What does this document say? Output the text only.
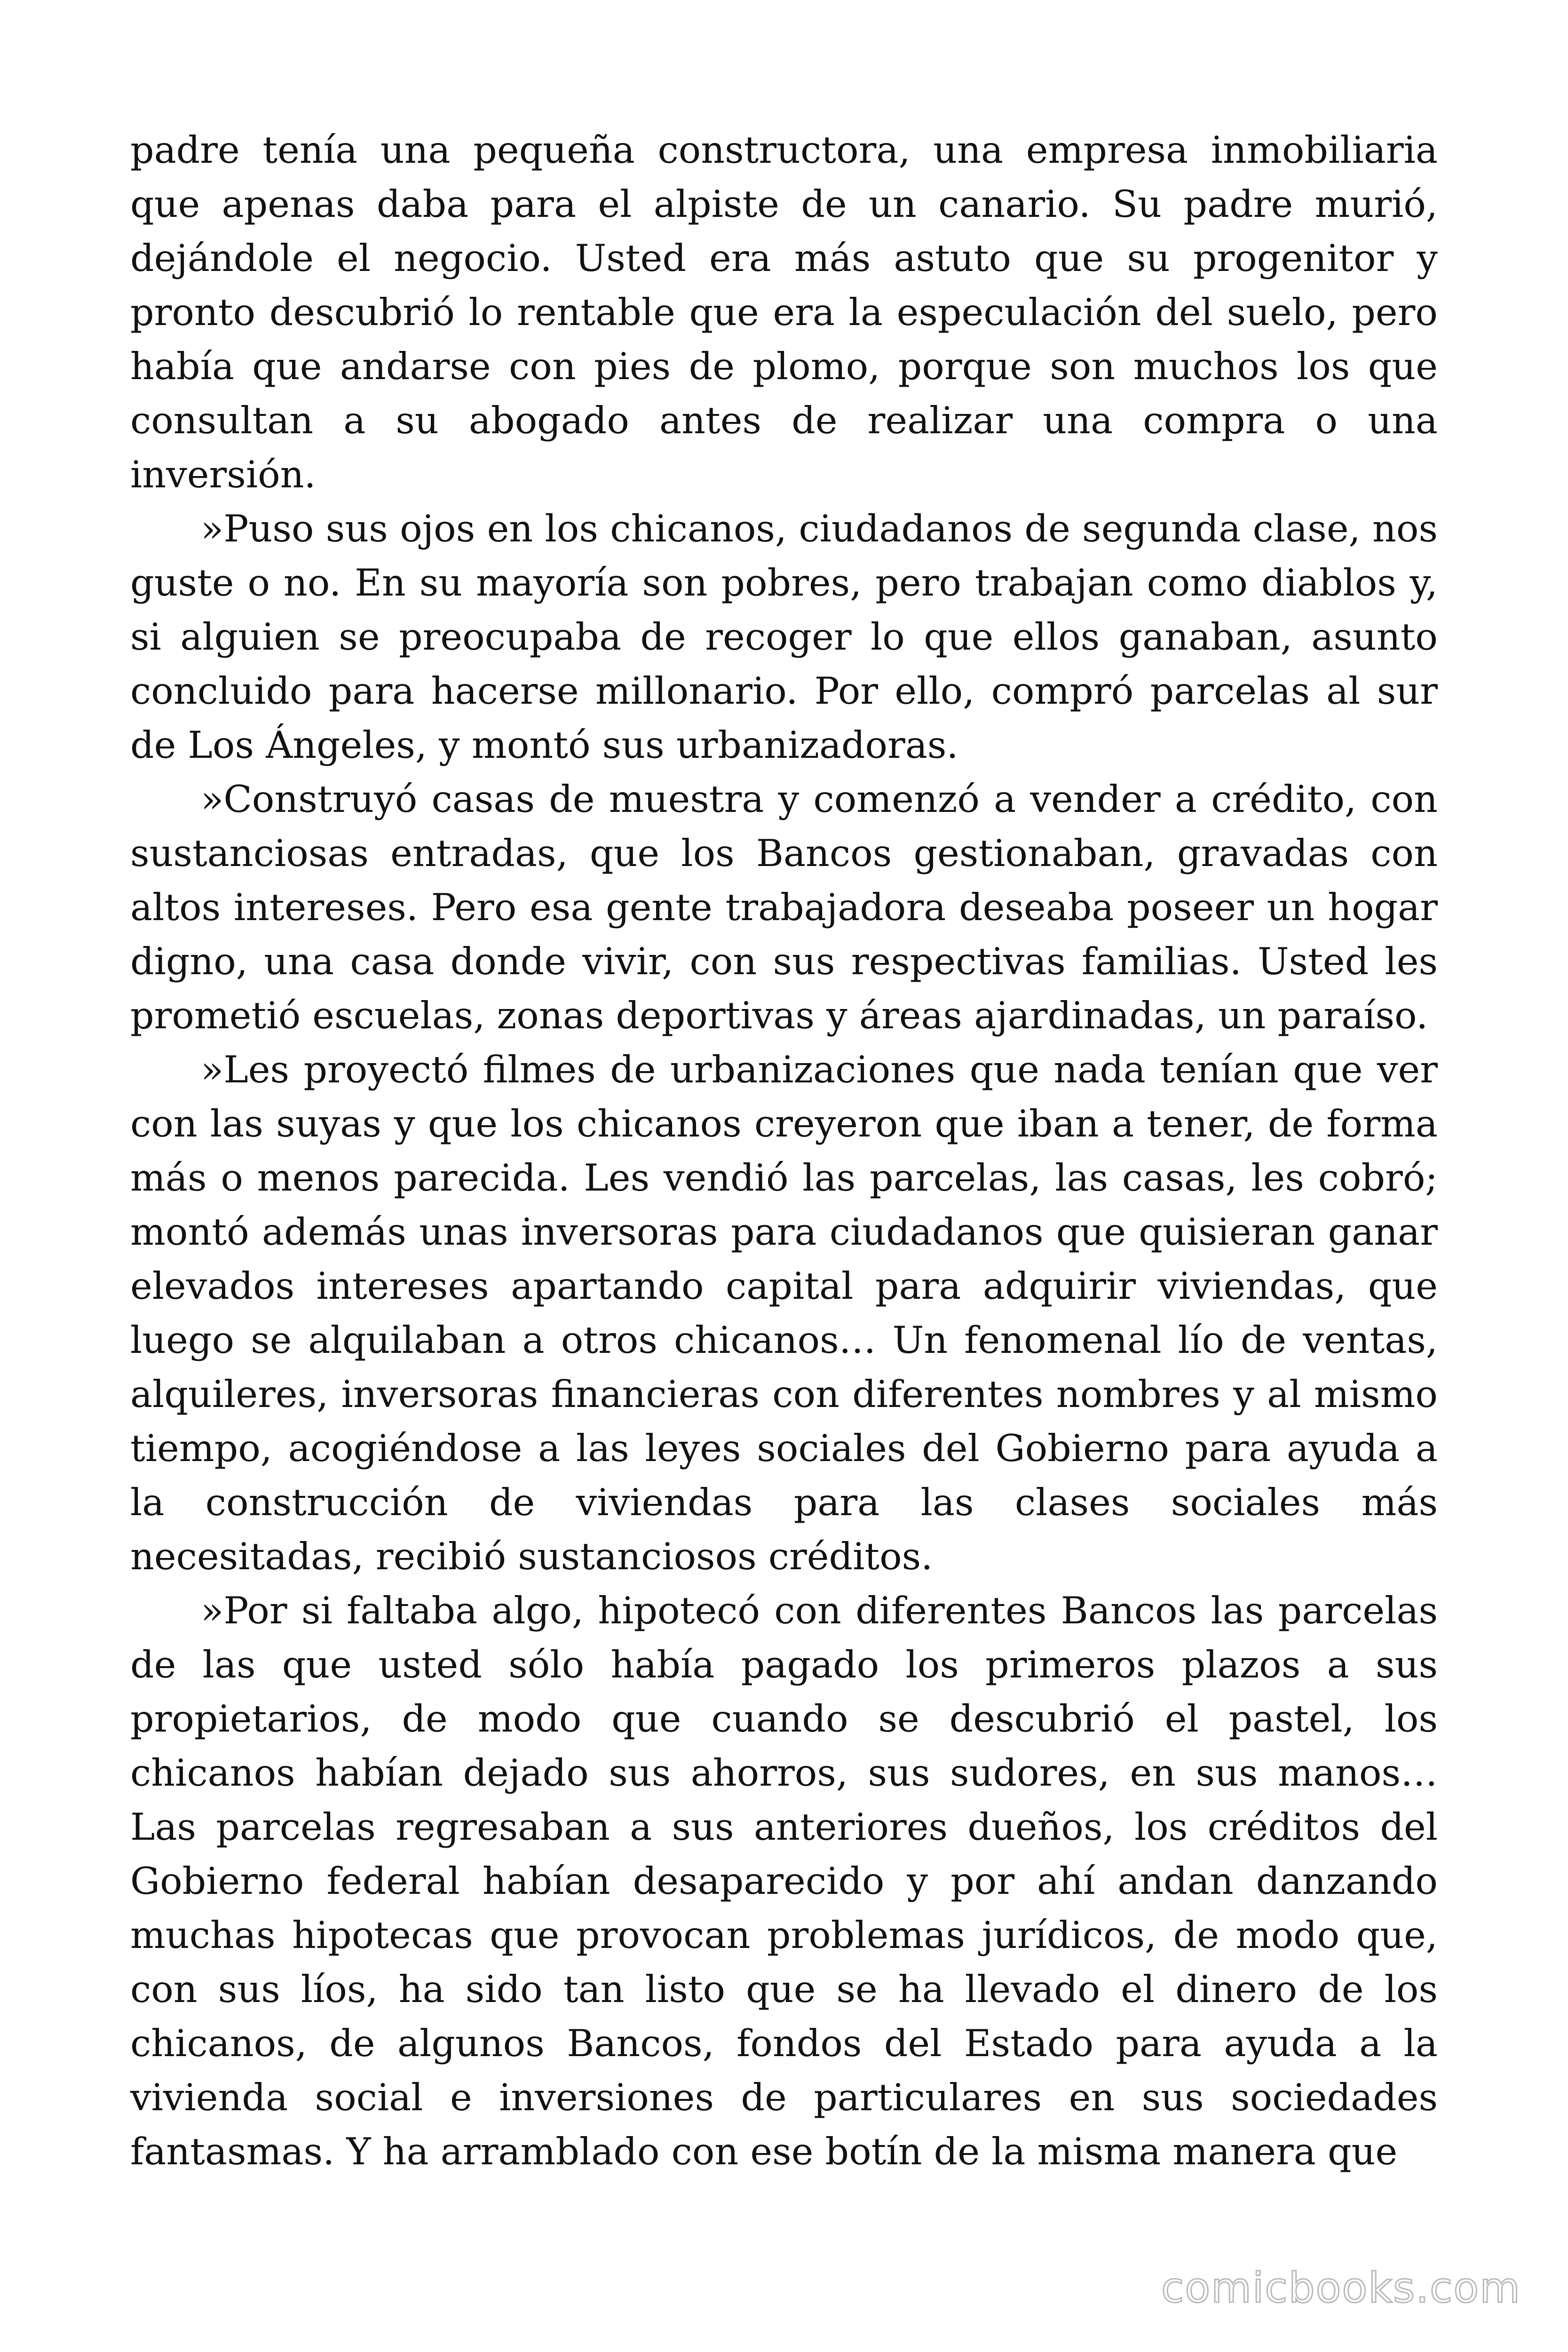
padre tenía una pequeña constructora, una empresa inmobiliaria que apenas daba para el alpiste de un canario. Su padre murió, dejándole el negocio. Usted era más astuto que su progenitor y pronto descubrió lo rentable que era la especulación del suelo, pero había que andarse con pies de plomo, porque son muchos los que consultan a su abogado antes de realizar una compra o una inversión.

»Puso sus ojos en los chicanos, ciudadanos de segunda clase, nos guste o no. En su mayoría son pobres, pero trabajan como diablos y, si alguien se preocupaba de recoger lo que ellos ganaban, asunto concluido para hacerse millonario. Por ello, compró parcelas al sur de Los Ángeles, y montó sus urbanizadoras.

»Construyó casas de muestra y comenzó a vender a crédito, con sustanciosas entradas, que los Bancos gestionaban, gravadas con altos intereses. Pero esa gente trabajadora deseaba poseer un hogar digno, una casa donde vivir, con sus respectivas familias. Usted les prometió escuelas, zonas deportivas y áreas ajardinadas, un paraíso.

»Les proyectó filmes de urbanizaciones que nada tenían que ver con las suyas y que los chicanos creyeron que iban a tener, de forma más o menos parecida. Les vendió las parcelas, las casas, les cobró; montó además unas inversoras para ciudadanos que quisieran ganar elevados intereses apartando capital para adquirir viviendas, que luego se alquilaban a otros chicanos… Un fenomenal lío de ventas, alquileres, inversoras financieras con diferentes nombres y al mismo tiempo, acogiéndose a las leyes sociales del Gobierno para ayuda a la construcción de viviendas para las clases sociales más necesitadas, recibió sustanciosos créditos.

»Por si faltaba algo, hipotecó con diferentes Bancos las parcelas de las que usted sólo había pagado los primeros plazos a sus propietarios, de modo que cuando se descubrió el pastel, los chicanos habían dejado sus ahorros, sus sudores, en sus manos… Las parcelas regresaban a sus anteriores dueños, los créditos del Gobierno federal habían desaparecido y por ahí andan danzando muchas hipotecas que provocan problemas jurídicos, de modo que, con sus líos, ha sido tan listo que se ha llevado el dinero de los chicanos, de algunos Bancos, fondos del Estado para ayuda a la vivienda social e inversiones de particulares en sus sociedades fantasmas. Y ha arramblado con ese botín de la misma manera que

comicbooks.com
